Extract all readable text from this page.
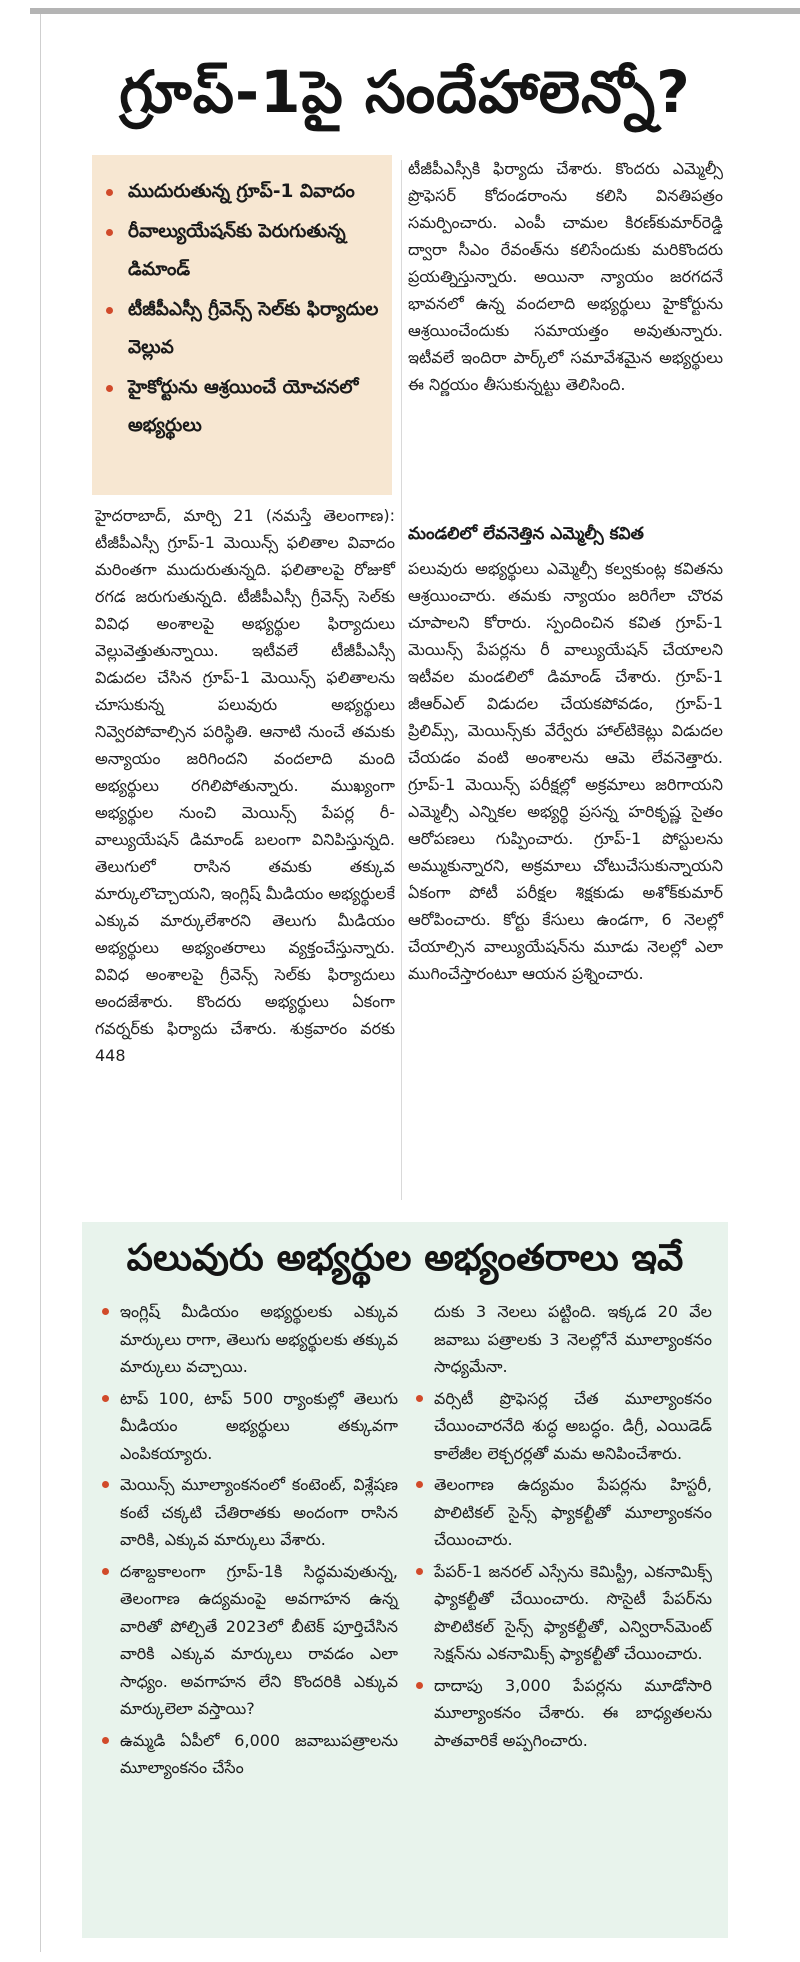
గ్రూప్‌-1పై సందేహాలెన్నో?
ముదురుతున్న గ్రూప్‌-1 వివాదం
రీవాల్యుయేషన్‌కు పెరుగుతున్న డిమాండ్‌
టీజీపీఎస్సీ గ్రీవెన్స్‌ సెల్‌కు ఫిర్యాదుల వెల్లువ
హైకోర్టును ఆశ్రయించే యోచనలో అభ్యర్థులు

హైదరాబాద్‌, మార్చి 21 (నమస్తే తెలంగాణ): టీజీపీఎస్సీ గ్రూప్‌-1 మెయిన్స్‌ ఫలితాల వివాదం మరింతగా ముదురుతున్నది. ఫలితాలపై రోజుకో రగడ జరుగుతున్నది. టీజీపీఎస్సీ గ్రీవెన్స్‌ సెల్‌కు వివిధ అంశాలపై అభ్యర్థుల ఫిర్యాదులు వెల్లువెత్తుతున్నాయి. ఇటీవలే టీజీపీఎస్సీ విడుదల చేసిన గ్రూప్‌-1 మెయిన్స్‌ ఫలితాలను చూసుకున్న పలువురు అభ్యర్థులు నివ్వెరపోవాల్సిన పరిస్థితి. ఆనాటి నుంచే తమకు అన్యాయం జరిగిందని వందలాది మంది అభ్యర్థులు రగిలిపోతున్నారు. ముఖ్యంగా అభ్యర్థుల నుంచి మెయిన్స్‌ పేపర్ల రీ-వాల్యుయేషన్‌ డిమాండ్‌ బలంగా వినిపిస్తున్నది. తెలుగులో రాసిన తమకు తక్కువ మార్కులొచ్చాయని, ఇంగ్లిష్‌ మీడియం అభ్యర్థులకే ఎక్కువ మార్కులేశారని తెలుగు మీడియం అభ్యర్థులు అభ్యంతరాలు వ్యక్తంచేస్తున్నారు. వివిధ అంశాలపై గ్రీవెన్స్‌ సెల్‌కు ఫిర్యాదులు అందజేశారు. కొందరు అభ్యర్థులు ఏకంగా గవర్నర్‌కు ఫిర్యాదు చేశారు. శుక్రవారం వరకు 448

టీజీపీఎస్సీకి ఫిర్యాదు చేశారు. కొందరు ఎమ్మెల్సీ ప్రొఫెసర్‌ కోదండరాంను కలిసి వినతిపత్రం సమర్పించారు. ఎంపీ చామల కిరణ్‌కుమార్‌రెడ్డి ద్వారా సీఎం రేవంత్‌ను కలిసేందుకు మరికొందరు ప్రయత్నిస్తున్నారు. అయినా న్యాయం జరగదనే భావనలో ఉన్న వందలాది అభ్యర్థులు హైకోర్టును ఆశ్రయించేందుకు సమాయత్తం అవుతున్నారు. ఇటీవలే ఇందిరా పార్క్‌లో సమావేశమైన అభ్యర్థులు ఈ నిర్ణయం తీసుకున్నట్టు తెలిసింది.

మండలిలో లేవనెత్తిన ఎమ్మెల్సీ కవిత

పలువురు అభ్యర్థులు ఎమ్మెల్సీ కల్వకుంట్ల కవితను ఆశ్రయించారు. తమకు న్యాయం జరిగేలా చొరవ చూపాలని కోరారు. స్పందించిన కవిత గ్రూప్‌-1 మెయిన్స్‌ పేపర్లను రీ వాల్యుయేషన్‌ చేయాలని ఇటీవల మండలిలో డిమాండ్‌ చేశారు. గ్రూప్‌-1 జీఆర్‌ఎల్‌ విడుదల చేయకపోవడం, గ్రూప్‌-1 ప్రిలిమ్స్‌, మెయిన్స్‌కు వేర్వేరు హాల్‌టికెట్లు విడుదల చేయడం వంటి అంశాలను ఆమె లేవనెత్తారు. గ్రూప్‌-1 మెయిన్స్‌ పరీక్షల్లో అక్రమాలు జరిగాయని ఎమ్మెల్సీ ఎన్నికల అభ్యర్థి ప్రసన్న హరికృష్ణ సైతం ఆరోపణలు గుప్పించారు. గ్రూప్‌-1 పోస్టులను అమ్ముకున్నారని, అక్రమాలు చోటుచేసుకున్నాయని ఏకంగా పోటీ పరీక్షల శిక్షకుడు అశోక్‌కుమార్‌ ఆరోపించారు. కోర్టు కేసులు ఉండగా, 6 నెలల్లో చేయాల్సిన వాల్యుయేషన్‌ను మూడు నెలల్లో ఎలా ముగించేస్తారంటూ ఆయన ప్రశ్నించారు.

పలువురు అభ్యర్థుల అభ్యంతరాలు ఇవే
ఇంగ్లిష్‌ మీడియం అభ్యర్థులకు ఎక్కువ మార్కులు రాగా, తెలుగు అభ్యర్థులకు తక్కువ మార్కులు వచ్చాయి.
టాప్‌ 100, టాప్‌ 500 ర్యాంకుల్లో తెలుగు మీడియం అభ్యర్థులు తక్కువగా ఎంపికయ్యారు.
మెయిన్స్‌ మూల్యాంకనంలో కంటెంట్‌, విశ్లేషణ కంటే చక్కటి చేతిరాతకు అందంగా రాసిన వారికి, ఎక్కువ మార్కులు వేశారు.
దశాబ్దకాలంగా గ్రూప్‌-1కి సిద్ధమవుతున్న, తెలంగాణ ఉద్యమంపై అవగాహన ఉన్న వారితో పోల్చితే 2023లో బీటెక్‌ పూర్తిచేసిన వారికి ఎక్కువ మార్కులు రావడం ఎలా సాధ్యం. అవగాహన లేని కొందరికి ఎక్కువ మార్కులెలా వస్తాయి?
ఉమ్మడి ఏపీలో 6,000 జవాబుపత్రాలను మూల్యాంకనం చేసేం
దుకు 3 నెలలు పట్టింది. ఇక్కడ 20 వేల జవాబు పత్రాలకు 3 నెలల్లోనే మూల్యాంకనం సాధ్యమేనా.
వర్సిటీ ప్రొఫెసర్ల చేత మూల్యాంకనం చేయించారనేది శుద్ధ అబద్ధం. డిగ్రీ, ఎయిడెడ్‌ కాలేజీల లెక్చరర్లతో మమ అనిపించేశారు.
తెలంగాణ ఉద్యమం పేపర్లను హిస్టరీ, పొలిటికల్‌ సైన్స్‌ ఫ్యాకల్టీతో మూల్యాంకనం చేయించారు.
పేపర్‌-1 జనరల్‌ ఎస్సేను కెమిస్ట్రీ, ఎకనామిక్స్‌ ఫ్యాకల్టీతో చేయించారు. సొసైటీ పేపర్‌ను పొలిటికల్‌ సైన్స్‌ ఫ్యాకల్టీతో, ఎన్విరాన్‌మెంట్‌ సెక్షన్‌ను ఎకనామిక్స్‌ ఫ్యాకల్టీతో చేయించారు.
దాదాపు 3,000 పేపర్లను మూడోసారి మూల్యాంకనం చేశారు. ఈ బాధ్యతలను పాతవారికే అప్పగించారు.
